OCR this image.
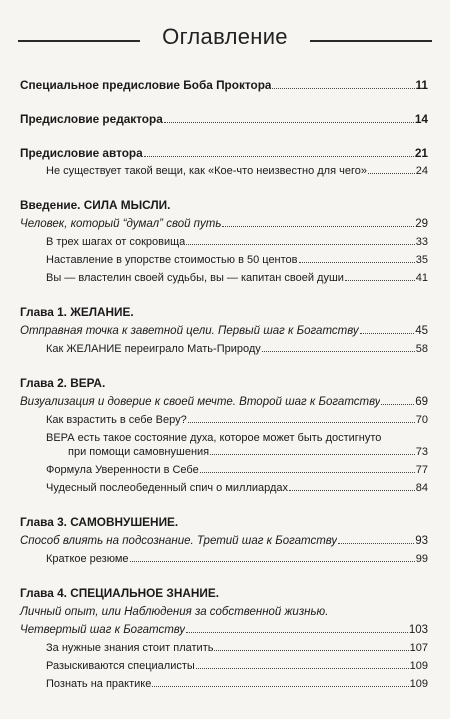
Оглавление
Специальное предисловие Боба Проктора	11
Предисловие редактора	14
Предисловие автора	21
Не существует такой вещи, как «Кое-что неизвестно для чего»	24
Введение. СИЛА МЫСЛИ.
Человек, который “думал” свой путь	29
В трех шагах от сокровища	33
Наставление в упорстве стоимостью в 50 центов	35
Вы — властелин своей судьбы, вы — капитан своей души	41
Глава 1. ЖЕЛАНИЕ.
Отправная точка к заветной цели. Первый шаг к Богатству	45
Как ЖЕЛАНИЕ переиграло Мать-Природу	58
Глава 2. ВЕРА.
Визуализация и доверие к своей мечте. Второй шаг к Богатству	69
Как взрастить в себе Веру?	70
ВЕРА есть такое состояние духа, которое может быть достигнуто
при помощи самовнушения	73
Формула Уверенности в Себе	77
Чудесный послеобеденный спич о миллиардах	84
Глава 3. САМОВНУШЕНИЕ.
Способ влиять на подсознание. Третий шаг к Богатству	93
Краткое резюме	99
Глава 4. СПЕЦИАЛЬНОЕ ЗНАНИЕ.
Личный опыт, или Наблюдения за собственной жизнью.
Четвертый шаг к Богатству	103
За нужные знания стоит платить	107
Разыскиваются специалисты	109
Познать на практике	109
